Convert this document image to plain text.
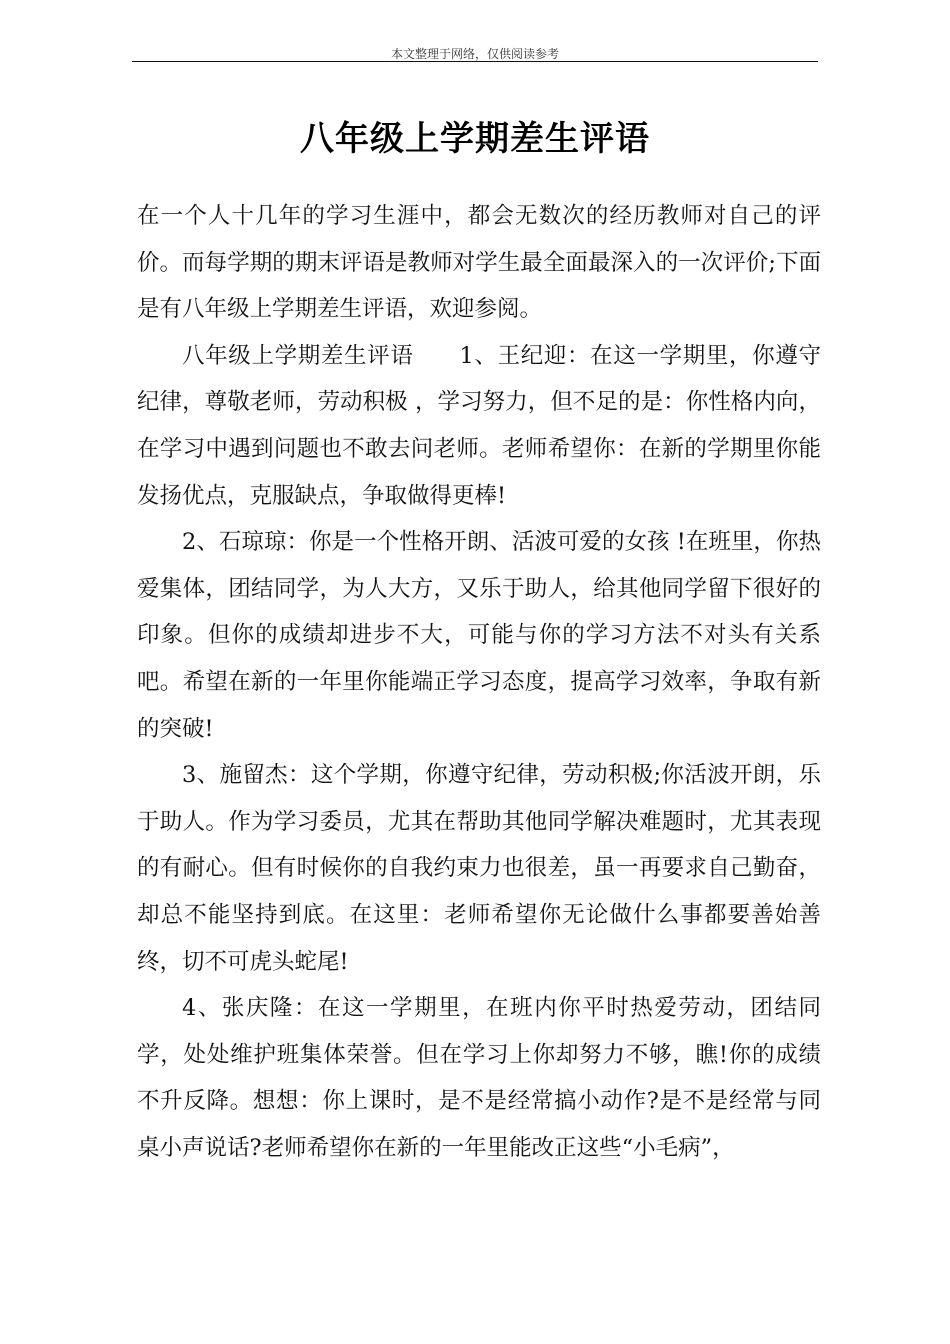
本文整理于网络，仅供阅读参考
八年级上学期差生评语

在一个人十几年的学习生涯中，都会无数次的经历教师对自己的评价。而每学期的期末评语是教师对学生最全面最深入的一次评价;下面是有八年级上学期差生评语，欢迎参阅。

八年级上学期差生评语 1、王纪迎：在这一学期里，你遵守纪律，尊敬老师，劳动积极 ，学习努力，但不足的是：你性格内向，在学习中遇到问题也不敢去问老师。老师希望你：在新的学期里你能发扬优点，克服缺点，争取做得更棒!

2、石琼琼：你是一个性格开朗、活波可爱的女孩 !在班里，你热爱集体，团结同学，为人大方，又乐于助人，给其他同学留下很好的印象。但你的成绩却进步不大，可能与你的学习方法不对头有关系吧。希望在新的一年里你能端正学习态度，提高学习效率，争取有新的突破!

3、施留杰：这个学期，你遵守纪律，劳动积极;你活波开朗，乐于助人。作为学习委员，尤其在帮助其他同学解决难题时，尤其表现的有耐心。但有时候你的自我约束力也很差，虽一再要求自己勤奋，却总不能坚持到底。在这里：老师希望你无论做什么事都要善始善终，切不可虎头蛇尾!

4、张庆隆：在这一学期里，在班内你平时热爱劳动，团结同学，处处维护班集体荣誉。但在学习上你却努力不够，瞧!你的成绩不升反降。想想：你上课时，是不是经常搞小动作?是不是经常与同桌小声说话?老师希望你在新的一年里能改正这些“小毛病”，
